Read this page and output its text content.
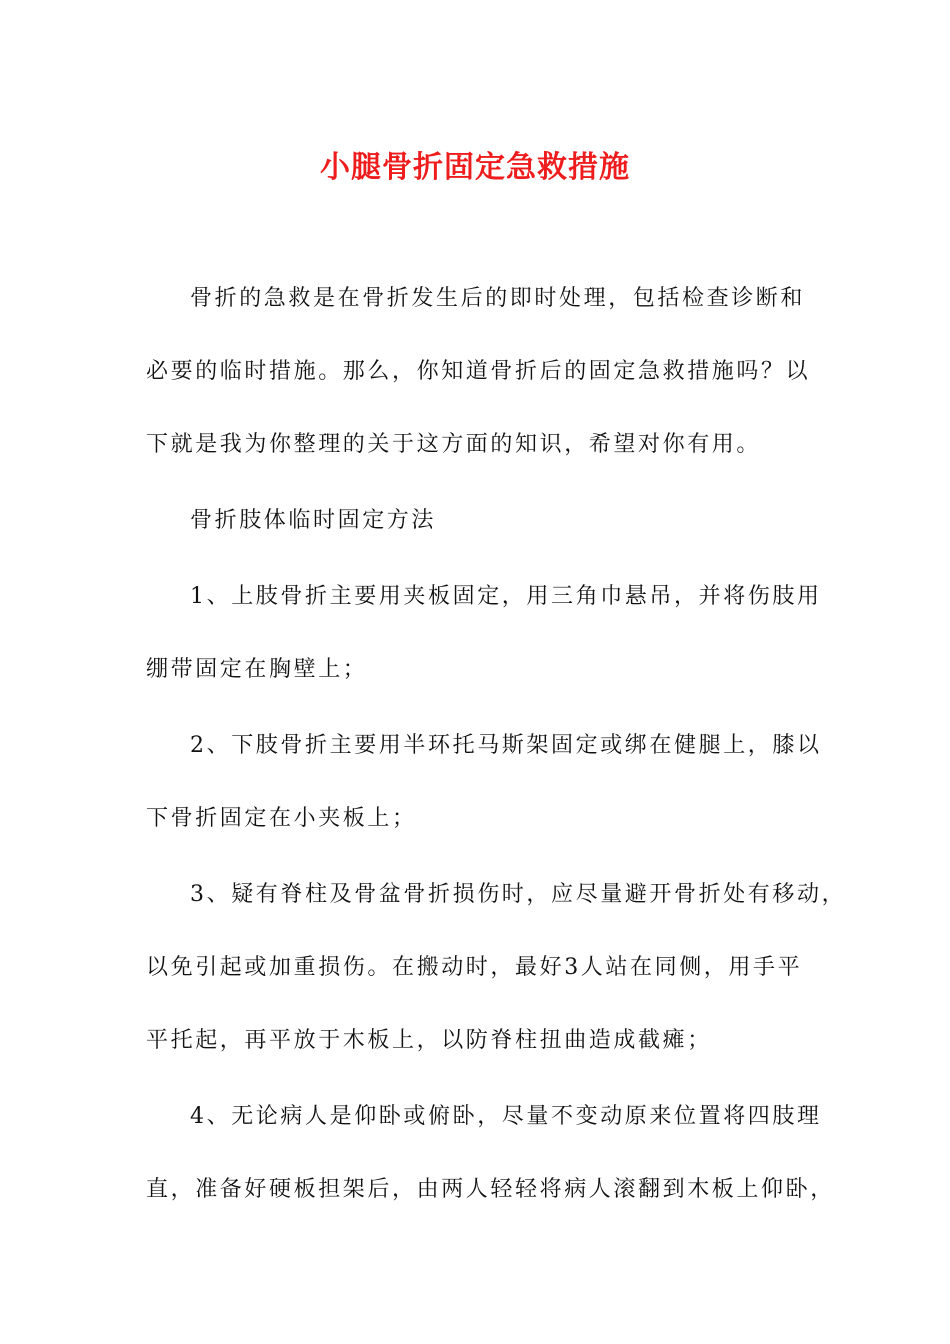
小腿骨折固定急救措施
骨折的急救是在骨折发生后的即时处理，包括检查诊断和
必要的临时措施。那么，你知道骨折后的固定急救措施吗？以
下就是我为你整理的关于这方面的知识，希望对你有用。
骨折肢体临时固定方法
1、上肢骨折主要用夹板固定，用三角巾悬吊，并将伤肢用
绷带固定在胸壁上；
2、下肢骨折主要用半环托马斯架固定或绑在健腿上，膝以
下骨折固定在小夹板上；
3、疑有脊柱及骨盆骨折损伤时，应尽量避开骨折处有移动，
以免引起或加重损伤。在搬动时，最好3人站在同侧，用手平
平托起，再平放于木板上，以防脊柱扭曲造成截瘫；
4、无论病人是仰卧或俯卧，尽量不变动原来位置将四肢理
直，准备好硬板担架后，由两人轻轻将病人滚翻到木板上仰卧，
